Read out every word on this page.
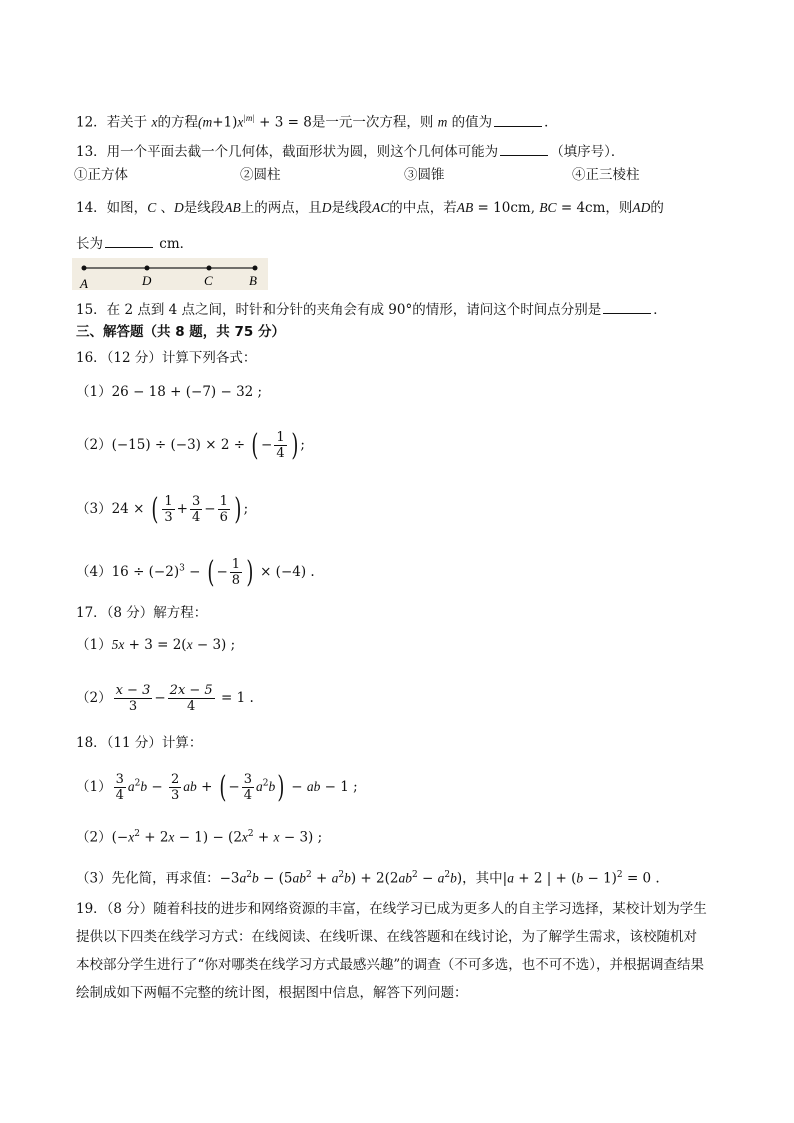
12．若关于 x的方程$(m+1)x^{|m|} + 3 = 8$是一元一次方程，则 m 的值为	．
13．用一个平面去截一个几何体，截面形状为圆，则这个几何体可能为	（填序号）．
①正方体	②圆柱	③圆锥	④正三棱柱
14．如图，C 、D是线段AB上的两点，且D是线段AC的中点，若AB = 10cm, BC = 4cm，则AD的
长为	cm．
A	D	C	B
15．在 2 点到 4 点之间，时针和分针的夹角会有成 90°的情形，请问这个时间点分别是	．
三、解答题（共 8 题，共 75 分）
16．（12 分）计算下列各式：
（1）26 − 18 + (−7) − 32 ;
（2）(−15) ÷ (−3) × 2 ÷ ( − $\frac{1}{4}$ ) ;
（3）24 × ( $\frac{1}{3} + \frac{3}{4} - \frac{1}{6}$ ) ;
$(4)16 \div (-2)^3$ − ( − $\frac{1}{8}$ ) × (−4) .
17．（8 分）解方程：
（1）5x + 3 = 2(x − 3) ;
$(2) \frac{x - 3}{3} - \frac{2x - 5}{4} = 1$ .
18．（11 分）计算：
$(1) \frac{3}{4} a^2b - \frac{2}{3}$ ab + ( − $\frac{3}{4} a^2b$) − ab − 1 ;
$(2)(-x^2 + 2x - 1) - (2x^2 + x - 3)$ ;
（3）先化简，再求值：$-3a^2b - (5ab^2 + a^2b) + 2(2ab^2 - a^2b)$，其中|a + 2 | + $(b - 1)^2 = 0$ .
19．（8 分）随着科技的进步和网络资源的丰富，在线学习已成为更多人的自主学习选择，某校计划为学生
提供以下四类在线学习方式：在线阅读、在线听课、在线答题和在线讨论，为了解学生需求，该校随机对
本校部分学生进行了“你对哪类在线学习方式最感兴趣”的调查（不可多选，也不可不选），并根据调查结果
绘制成如下两幅不完整的统计图，根据图中信息，解答下列问题：
